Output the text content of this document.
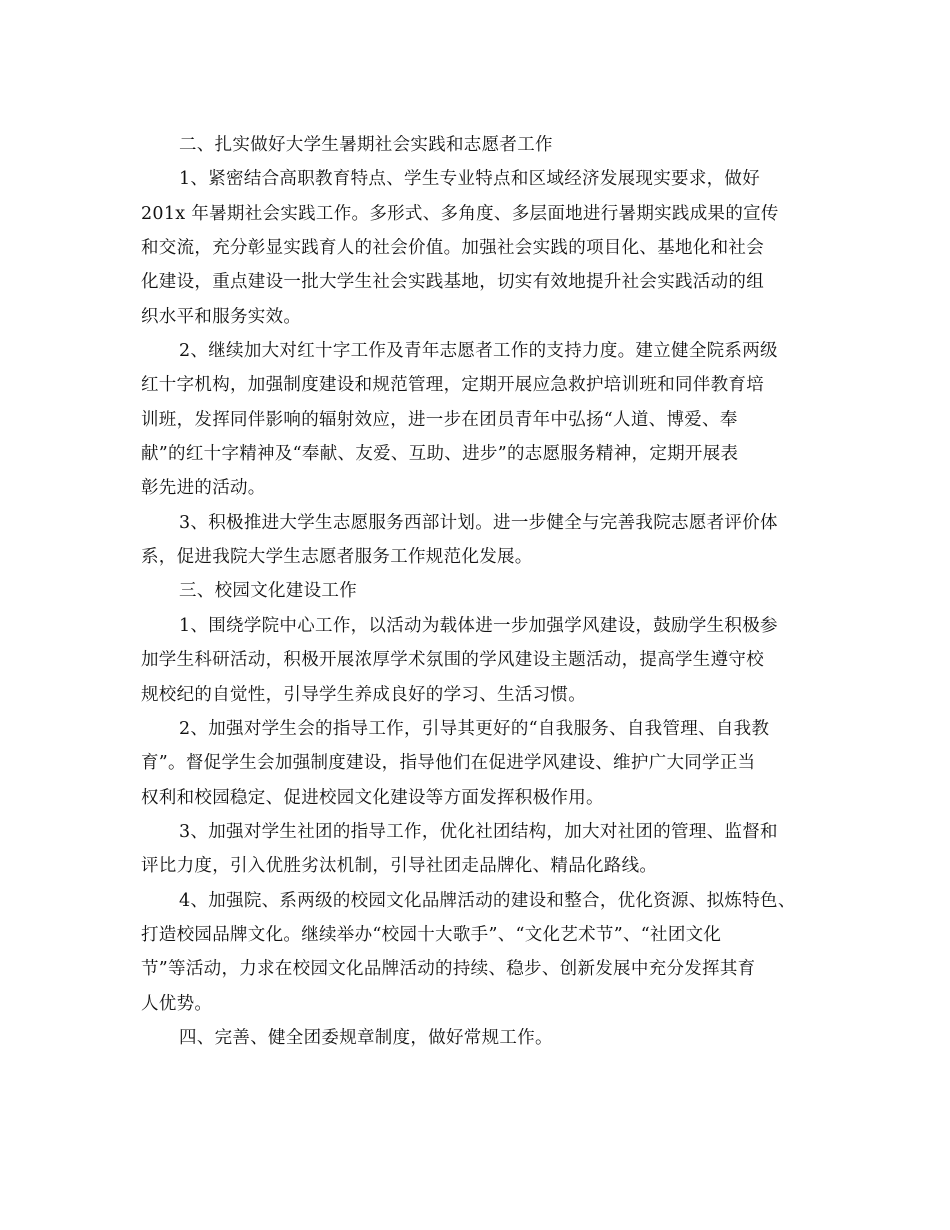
二、扎实做好大学生暑期社会实践和志愿者工作
1、紧密结合高职教育特点、学生专业特点和区域经济发展现实要求，做好
201x 年暑期社会实践工作。多形式、多角度、多层面地进行暑期实践成果的宣传
和交流，充分彰显实践育人的社会价值。加强社会实践的项目化、基地化和社会
化建设，重点建设一批大学生社会实践基地，切实有效地提升社会实践活动的组
织水平和服务实效。
2、继续加大对红十字工作及青年志愿者工作的支持力度。建立健全院系两级
红十字机构，加强制度建设和规范管理，定期开展应急救护培训班和同伴教育培
训班，发挥同伴影响的辐射效应，进一步在团员青年中弘扬“人道、博爱、奉
献”的红十字精神及“奉献、友爱、互助、进步”的志愿服务精神，定期开展表
彰先进的活动。
3、积极推进大学生志愿服务西部计划。进一步健全与完善我院志愿者评价体
系，促进我院大学生志愿者服务工作规范化发展。
三、校园文化建设工作
1、围绕学院中心工作，以活动为载体进一步加强学风建设，鼓励学生积极参
加学生科研活动，积极开展浓厚学术氛围的学风建设主题活动，提高学生遵守校
规校纪的自觉性，引导学生养成良好的学习、生活习惯。
2、加强对学生会的指导工作，引导其更好的“自我服务、自我管理、自我教
育”。督促学生会加强制度建设，指导他们在促进学风建设、维护广大同学正当
权利和校园稳定、促进校园文化建设等方面发挥积极作用。
3、加强对学生社团的指导工作，优化社团结构，加大对社团的管理、监督和
评比力度，引入优胜劣汰机制，引导社团走品牌化、精品化路线。
4、加强院、系两级的校园文化品牌活动的建设和整合，优化资源、拟炼特色、
打造校园品牌文化。继续举办“校园十大歌手”、“文化艺术节”、“社团文化
节”等活动，力求在校园文化品牌活动的持续、稳步、创新发展中充分发挥其育
人优势。
四、完善、健全团委规章制度，做好常规工作。
